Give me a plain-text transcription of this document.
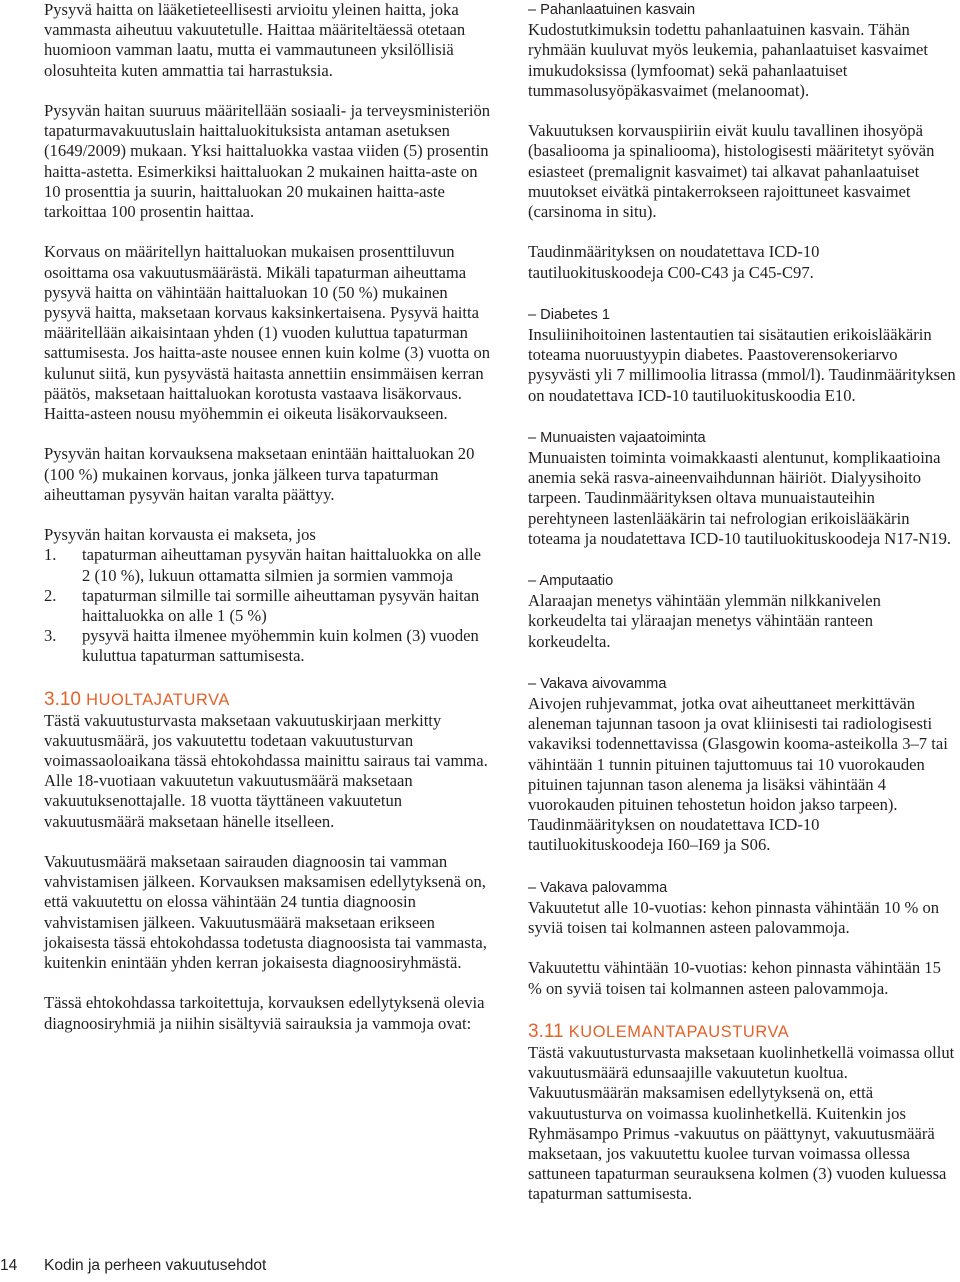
Pysyvä haitta on lääketieteellisesti arvioitu yleinen haitta, joka vammasta aiheutuu vakuutetulle. Haittaa määriteltäessä otetaan huomioon vamman laatu, mutta ei vammautuneen yksilöllisiä olosuhteita kuten ammattia tai harrastuksia.

Pysyvän haitan suuruus määritellään sosiaali- ja terveysministeriön tapaturmavakuutuslain haittaluokituksista antaman asetuksen (1649/2009) mukaan. Yksi haittaluokka vastaa viiden (5) prosentin haitta-astetta. Esimerkiksi haittaluokan 2 mukainen haitta-aste on 10 prosenttia ja suurin, haittaluokan 20 mukainen haitta-aste tarkoittaa 100 prosentin haittaa.

Korvaus on määritellyn haittaluokan mukaisen prosenttiluvun osoittama osa vakuutusmäärästä. Mikäli tapaturman aiheuttama pysyvä haitta on vähintään haittaluokan 10 (50 %) mukainen pysyvä haitta, maksetaan korvaus kaksinkertaisena. Pysyvä haitta määritellään aikaisintaan yhden (1) vuoden kuluttua tapaturman sattumisesta. Jos haitta-aste nousee ennen kuin kolme (3) vuotta on kulunut siitä, kun pysyvästä haitasta annettiin ensimmäisen kerran päätös, maksetaan haittaluokan korotusta vastaava lisäkorvaus. Haitta-asteen nousu myöhemmin ei oikeuta lisäkorvaukseen.

Pysyvän haitan korvauksena maksetaan enintään haittaluokan 20 (100 %) mukainen korvaus, jonka jälkeen turva tapaturman aiheuttaman pysyvän haitan varalta päättyy.

Pysyvän haitan korvausta ei makseta, jos

1. tapaturman aiheuttaman pysyvän haitan haittaluokka on alle 2 (10 %), lukuun ottamatta silmien ja sormien vammoja
2. tapaturman silmille tai sormille aiheuttaman pysyvän haitan haittaluokka on alle 1 (5 %)
3. pysyvä haitta ilmenee myöhemmin kuin kolmen (3) vuoden kuluttua tapaturman sattumisesta.
3.10 HUOLTAJATURVA

Tästä vakuutusturvasta maksetaan vakuutuskirjaan merkitty vakuutusmäärä, jos vakuutettu todetaan vakuutusturvan voimassaoloaikana tässä ehtokohdassa mainittu sairaus tai vamma. Alle 18-vuotiaan vakuutetun vakuutusmäärä maksetaan vakuutuksenottajalle. 18 vuotta täyttäneen vakuutetun vakuutusmäärä maksetaan hänelle itselleen.

Vakuutusmäärä maksetaan sairauden diagnoosin tai vamman vahvistamisen jälkeen. Korvauksen maksamisen edellytyksenä on, että vakuutettu on elossa vähintään 24 tuntia diagnoosin vahvistamisen jälkeen. Vakuutusmäärä maksetaan erikseen jokaisesta tässä ehtokohdassa todetusta diagnoosista tai vammasta, kuitenkin enintään yhden kerran jokaisesta diagnoosiryhmästä.

Tässä ehtokohdassa tarkoitettuja, korvauksen edellytyksenä olevia diagnoosiryhmiä ja niihin sisältyviä sairauksia ja vammoja ovat:

– Pahanlaatuinen kasvain

Kudostutkimuksin todettu pahanlaatuinen kasvain. Tähän ryhmään kuuluvat myös leukemia, pahanlaatuiset kasvaimet imukudoksissa (lymfoomat) sekä pahanlaatuiset tummasolusyöpäkasvaimet (melanoomat).

Vakuutuksen korvauspiiriin eivät kuulu tavallinen ihosyöpä (basaliooma ja spinaliooma), histologisesti määritetyt syövän esiasteet (premalignit kasvaimet) tai alkavat pahanlaatuiset muutokset eivätkä pintakerrokseen rajoittuneet kasvaimet (carsinoma in situ).

Taudinmäärityksen on noudatettava ICD-10 tautiluokituskoodeja C00-C43 ja C45-C97.

– Diabetes 1

Insuliinihoitoinen lastentautien tai sisätautien erikoislääkärin toteama nuoruustyypin diabetes. Paastoverensokeriarvo pysyvästi yli 7 millimoolia litrassa (mmol/l). Taudinmäärityksen on noudatettava ICD-10 tautiluokituskoodia E10.

– Munuaisten vajaatoiminta

Munuaisten toiminta voimakkaasti alentunut, komplikaatioina anemia sekä rasva-aineenvaihdunnan häiriöt. Dialyysihoito tarpeen. Taudinmäärityksen oltava munuaistauteihin perehtyneen lastenlääkärin tai nefrologian erikoislääkärin toteama ja noudatettava ICD-10 tautiluokituskoodeja N17-N19.

– Amputaatio

Alaraajan menetys vähintään ylemmän nilkkanivelen korkeudelta tai yläraajan menetys vähintään ranteen korkeudelta.

– Vakava aivovamma

Aivojen ruhjevammat, jotka ovat aiheuttaneet merkittävän aleneman tajunnan tasoon ja ovat kliinisesti tai radiologisesti vakaviksi todennettavissa (Glasgowin kooma-asteikolla 3–7 tai vähintään 1 tunnin pituinen tajuttomuus tai 10 vuorokauden pituinen tajunnan tason alenema ja lisäksi vähintään 4 vuorokauden pituinen tehostetun hoidon jakso tarpeen). Taudinmäärityksen on noudatettava ICD-10 tautiluokituskoodeja I60–I69 ja S06.

– Vakava palovamma

Vakuutetut alle 10-vuotias: kehon pinnasta vähintään 10 % on syviä toisen tai kolmannen asteen palovammoja.

Vakuutettu vähintään 10-vuotias: kehon pinnasta vähintään 15 % on syviä toisen tai kolmannen asteen palovammoja.

3.11 KUOLEMANTAPAUSTURVA

Tästä vakuutusturvasta maksetaan kuolinhetkellä voimassa ollut vakuutusmäärä edunsaajille vakuutetun kuoltua. Vakuutusmäärän maksamisen edellytyksenä on, että vakuutusturva on voimassa kuolinhetkellä. Kuitenkin jos Ryhmäsampo Primus -vakuutus on päättynyt, vakuutusmäärä maksetaan, jos vakuutettu kuolee turvan voimassa ollessa sattuneen tapaturman seurauksena kolmen (3) vuoden kuluessa tapaturman sattumisesta.

14 Kodin ja perheen vakuutusehdot
